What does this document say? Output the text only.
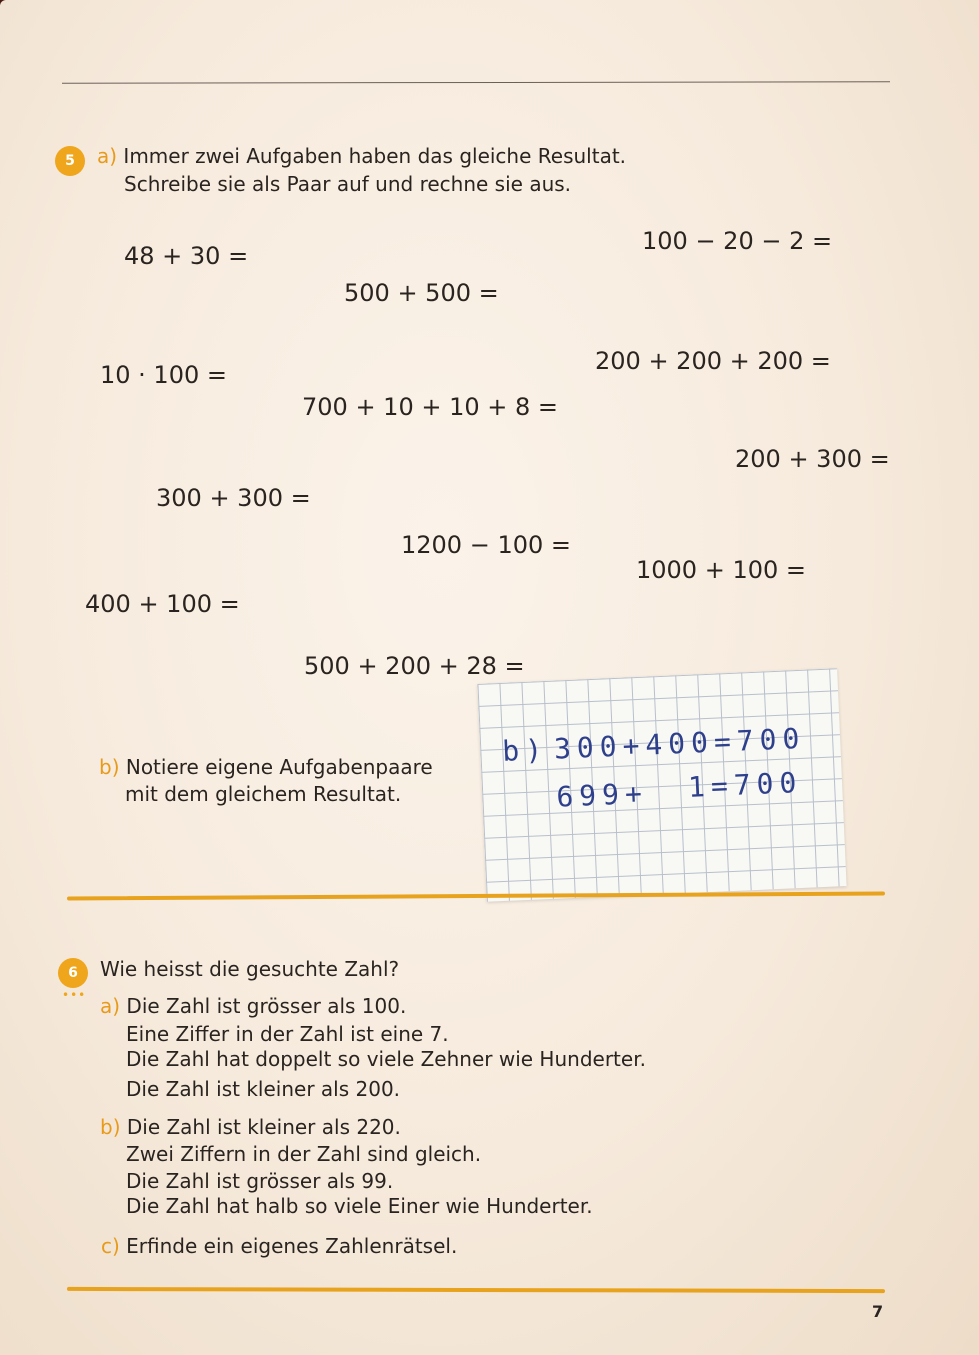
5	a) Immer zwei Aufgaben haben das gleiche Resultat.
Schreibe sie als Paar auf und rechne sie aus.
48 + 30 =
100 − 20 − 2 =
500 + 500 =
10 · 100 =	200 + 200 + 200 =
700 + 10 + 10 + 8 =
200 + 300 =
300 + 300 =
1200 − 100 =
1000 + 100 =
400 + 100 =
500 + 200 + 28 =
b) Notiere eigene Aufgabenpaare
mit dem gleichem Resultat.
b) 300+400=700
699+ 1=700
6
•••
Wie heisst die gesuchte Zahl?
a) Die Zahl ist grösser als 100.
Eine Ziffer in der Zahl ist eine 7.
Die Zahl hat doppelt so viele Zehner wie Hunderter.
Die Zahl ist kleiner als 200.
b) Die Zahl ist kleiner als 220.
Zwei Ziffern in der Zahl sind gleich.
Die Zahl ist grösser als 99.
Die Zahl hat halb so viele Einer wie Hunderter.
c) Erfinde ein eigenes Zahlenrätsel.
7
